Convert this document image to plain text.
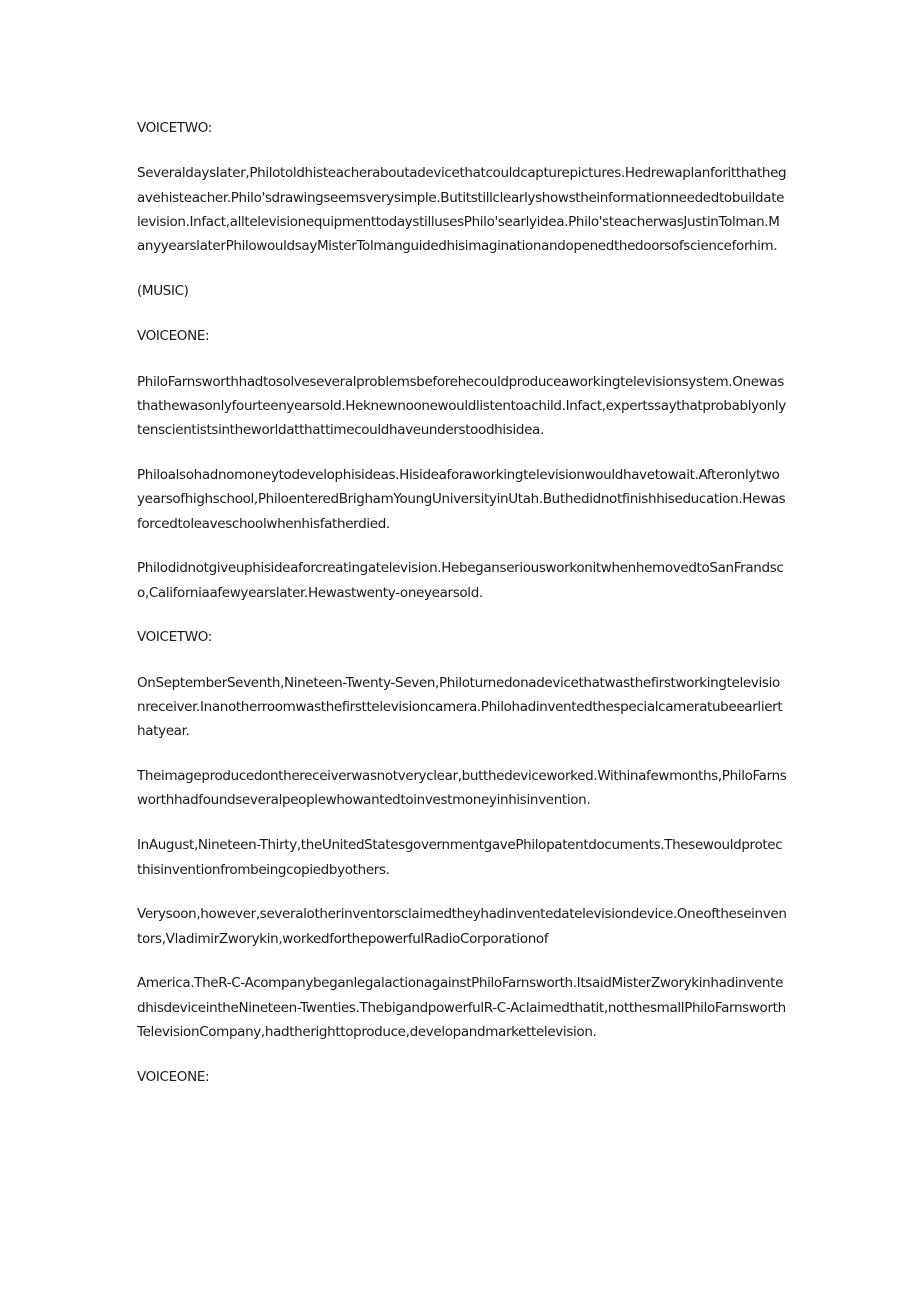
VOICETWO:

SeveraldaysIater,Philotoldhisteacheraboutadevicethatcouldcapturepictures.Hedrewaplanforitthathegavehisteacher.Philo'sdrawingseemsverysimple.Butitstillclearlyshowstheinformationneededtobuildatelevision.Infact,alltelevisionequipmenttodaystillusesPhilo'searlyidea.Philo'steacherwasJustinTolman.ManyyearslaterPhilowouldsayMisterTolmanguidedhisimaginationandopenedthedoorsofscienceforhim.

(MUSIC)

VOICEONE:

PhiloFarnsworthhadtosolveseveralproblemsbeforehecouldproduceaworkingtelevisionsystem.Onewasthathewasonlyfourteenyearsold.Heknewnoonewouldlistentoachild.Infact,expertssaythatprobablyonlytenscientistsintheworldatthattimecouldhaveunderstoodhisidea.

Philoalsohadnomoneytodevelophisideas.Hisideaforaworkingtelevisionwouldhavetowait.Afteronlytwoyearsofhighschool,PhiloenteredBrighamYoungUniversityinUtah.Buthedidnotfinishhiseducation.Hewasforcedtoleaveschoolwhenhisfatherdied.

Philodidnotgiveuphisideaforcreatingatelevision.HebeganseriousworkonitwhenhemovedtoSanFrandsco,Californiaafewyearslater.Hewastwenty-oneyearsold.

VOICETWO:

OnSeptemberSeventh,Nineteen-Twenty-Seven,Philoturnedonadevicethatwasthefirstworkingtelevisionreceiver.Inanotherroomwasthefirsttelevisioncamera.Philohadinventedthespecialcameratubeearlierthatyear.

Theimageproducedonthereceiverwasnotveryclear,butthedeviceworked.Withinafewmonths,PhiloFarnsworthhadfoundseveralpeoplewhowantedtoinvestmoneyinhisinvention.

InAugust,Nineteen-Thirty,theUnitedStatesgovernmentgavePhilopatentdocuments.Thesewouldprotecthisinventionfrombeingcopiedbyothers.

Verysoon,however,severalotherinventorsclaimedtheyhadinventedatelevisiondevice.Oneoftheseinventors,VladimirZworykin,workedforthepowerfulRadioCorporationof

America.TheR-C-AcompanybeganlegalactionagainstPhiloFarnsworth.ItsaidMisterZworykinhadinventedhisdeviceintheNineteen-Twenties.ThebigandpowerfulR-C-Aclaimedthatit,notthesmallPhiloFarnsworthTelevisionCompany,hadtherighttoproduce,developandmarkettelevision.

VOICEONE:
